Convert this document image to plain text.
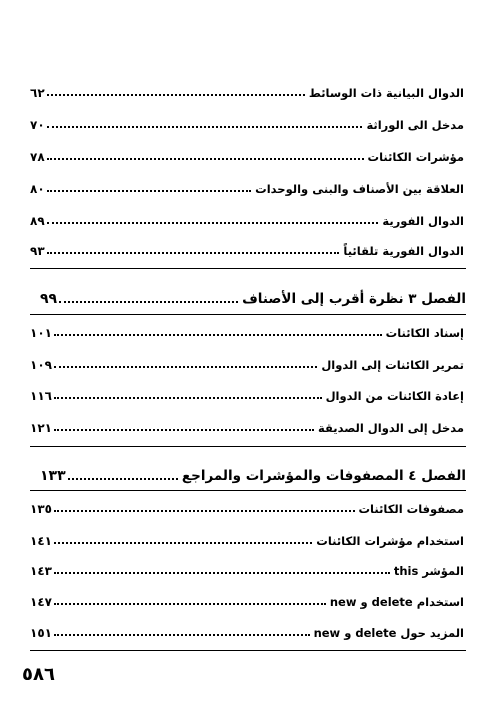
الدوال البيانية ذات الوسائط
٦٢
مدخل الى الوراثة
٧٠
مؤشرات الكائنات
٧٨
العلاقة بين الأصناف والبنى والوحدات
٨٠
الدوال الفورية
٨٩
الدوال الفورية تلقائياً
٩٣
الفصل ٣ نظرة أقرب إلى الأصناف
٩٩
إسناد الكائنات
١٠١
تمرير الكائنات إلى الدوال
١٠٩
إعادة الكائنات من الدوال
١١٦
مدخل إلى الدوال الصديقة
١٢١
الفصل ٤ المصفوفات والمؤشرات والمراجع
١٣٣
مصفوفات الكائنات
١٣٥
استخدام مؤشرات الكائنات
١٤١
المؤشر this
١٤٣
استخدام delete و new
١٤٧
المزيد حول delete و new
١٥١
٥٨٦
